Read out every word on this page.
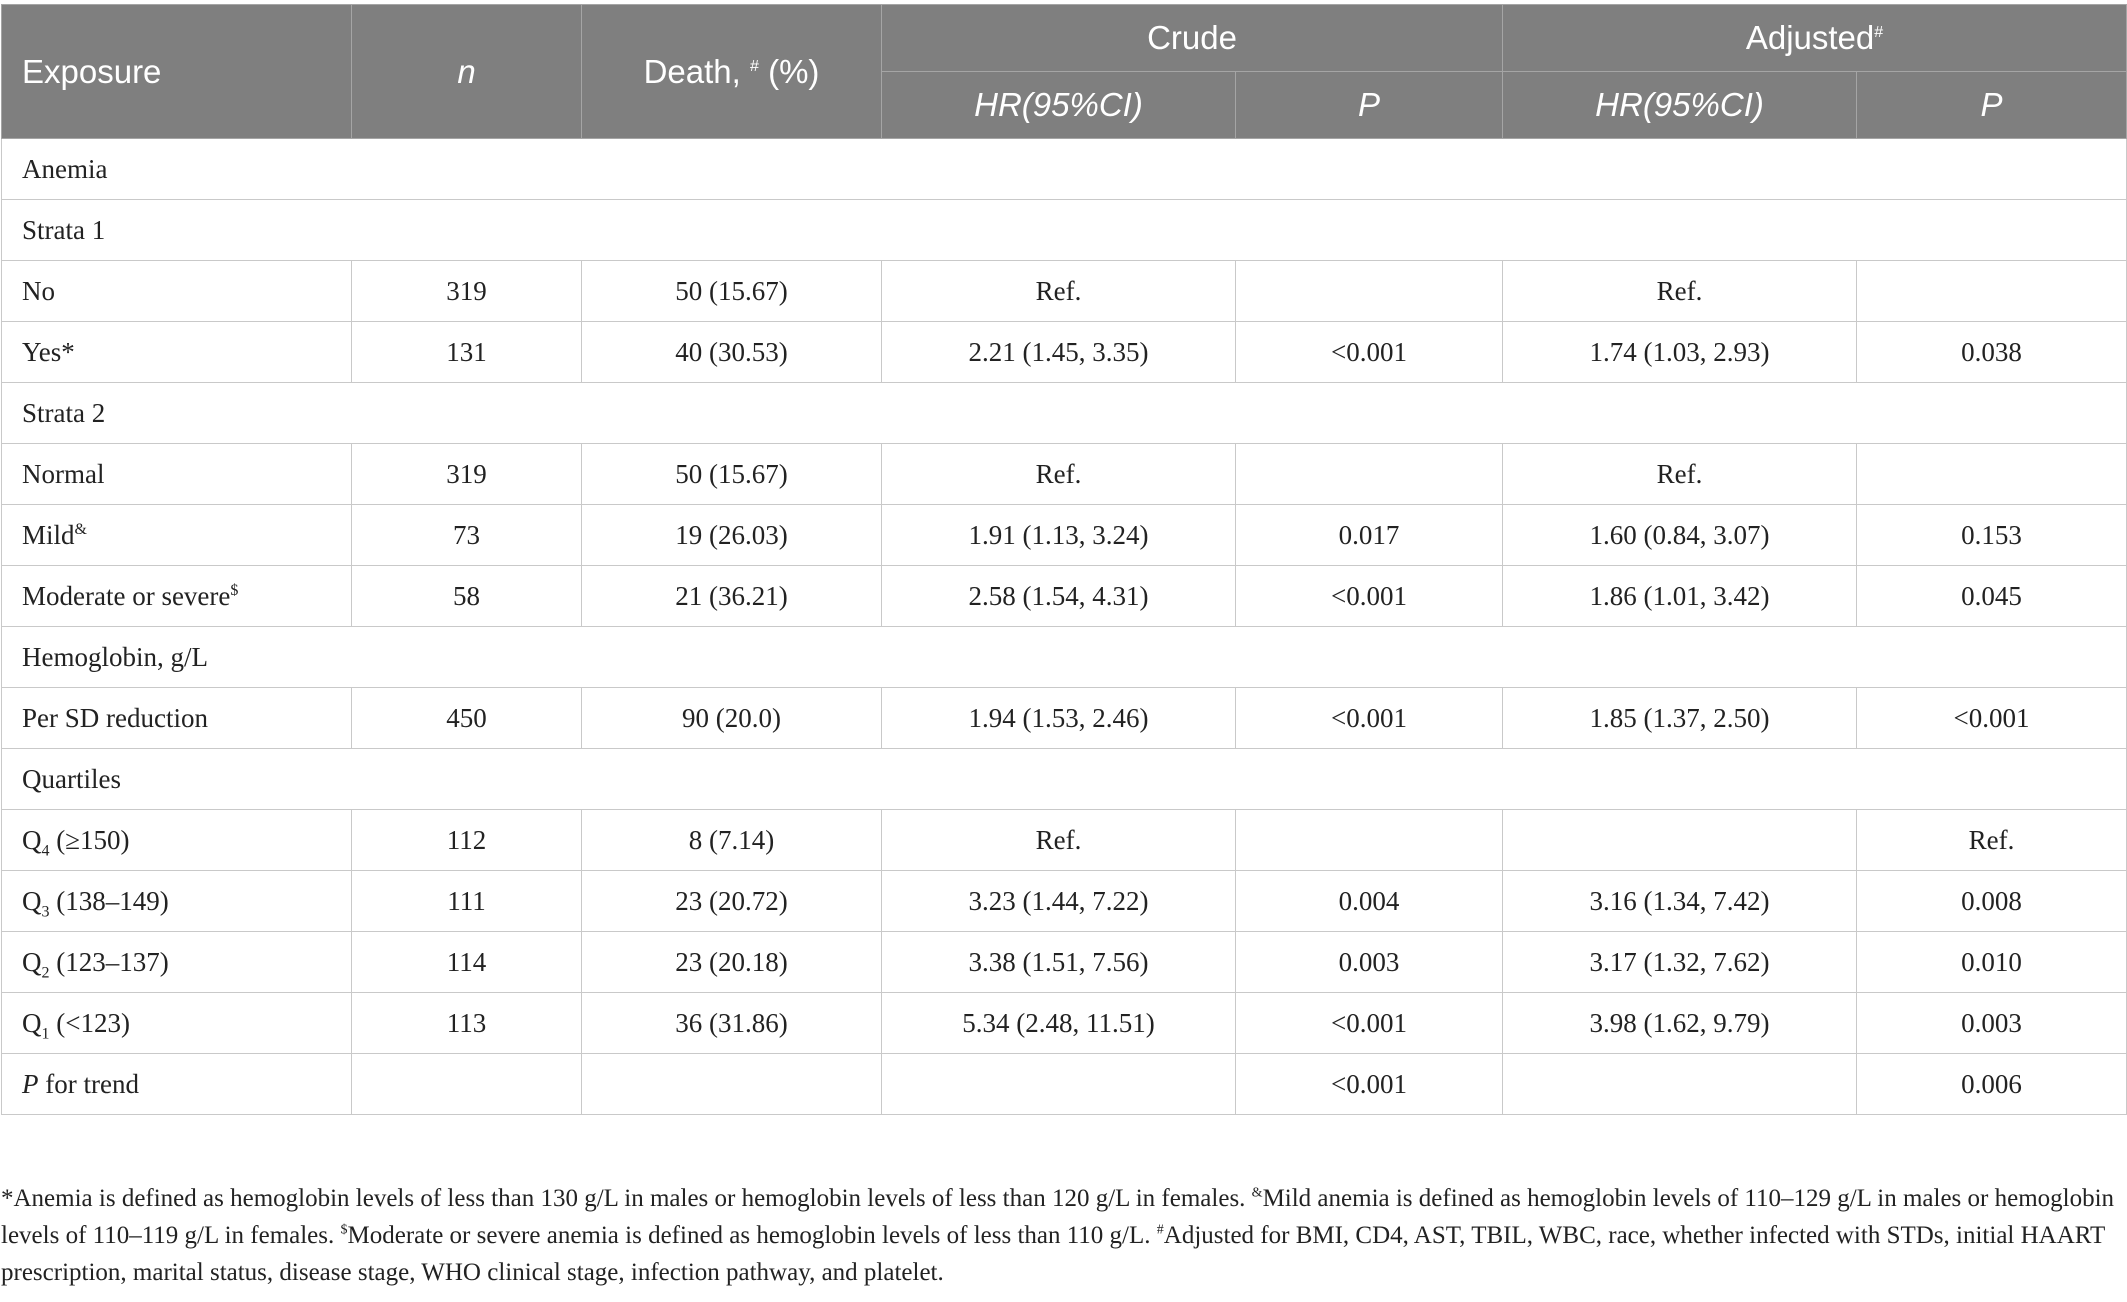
Exposure	n	Death, # (%)	Crude		Adjusted#
			HR(95%CI)	P	HR(95%CI)	P
Anemia						
Strata 1						
No	319	50 (15.67)	Ref.		Ref.	
Yes*	131	40 (30.53)	2.21 (1.45, 3.35)	<0.001	1.74 (1.03, 2.93)	0.038
Strata 2						
Normal	319	50 (15.67)	Ref.		Ref.	
Mild&	73	19 (26.03)	1.91 (1.13, 3.24)	0.017	1.60 (0.84, 3.07)	0.153
Moderate or severe$	58	21 (36.21)	2.58 (1.54, 4.31)	<0.001	1.86 (1.01, 3.42)	0.045
Hemoglobin, g/L						
Per SD reduction	450	90 (20.0)	1.94 (1.53, 2.46)	<0.001	1.85 (1.37, 2.50)	<0.001
Quartiles						
$Q_4$ (≥150)	112	8 (7.14)	Ref.			Ref.
$Q_3$ (138–149)	111	23 (20.72)	3.23 (1.44, 7.22)	0.004	3.16 (1.34, 7.42)	0.008
$Q_2$ (123–137)	114	23 (20.18)	3.38 (1.51, 7.56)	0.003	3.17 (1.32, 7.62)	0.010
$Q_1$ (<123)	113	36 (31.86)	5.34 (2.48, 11.51)	<0.001	3.98 (1.62, 9.79)	0.003
P for trend				<0.001		0.006
*Anemia is defined as hemoglobin levels of less than 130 g/L in males or hemoglobin levels of less than 120 g/L in females. &Mild anemia is defined as hemoglobin levels of 110–129 g/L in males or hemoglobin levels of 110–119 g/L in females. $Moderate or severe anemia is defined as hemoglobin levels of less than 110 g/L. #Adjusted for BMI, CD4, AST, TBIL, WBC, race, whether infected with STDs, initial HAART prescription, marital status, disease stage, WHO clinical stage, infection pathway, and platelet.
